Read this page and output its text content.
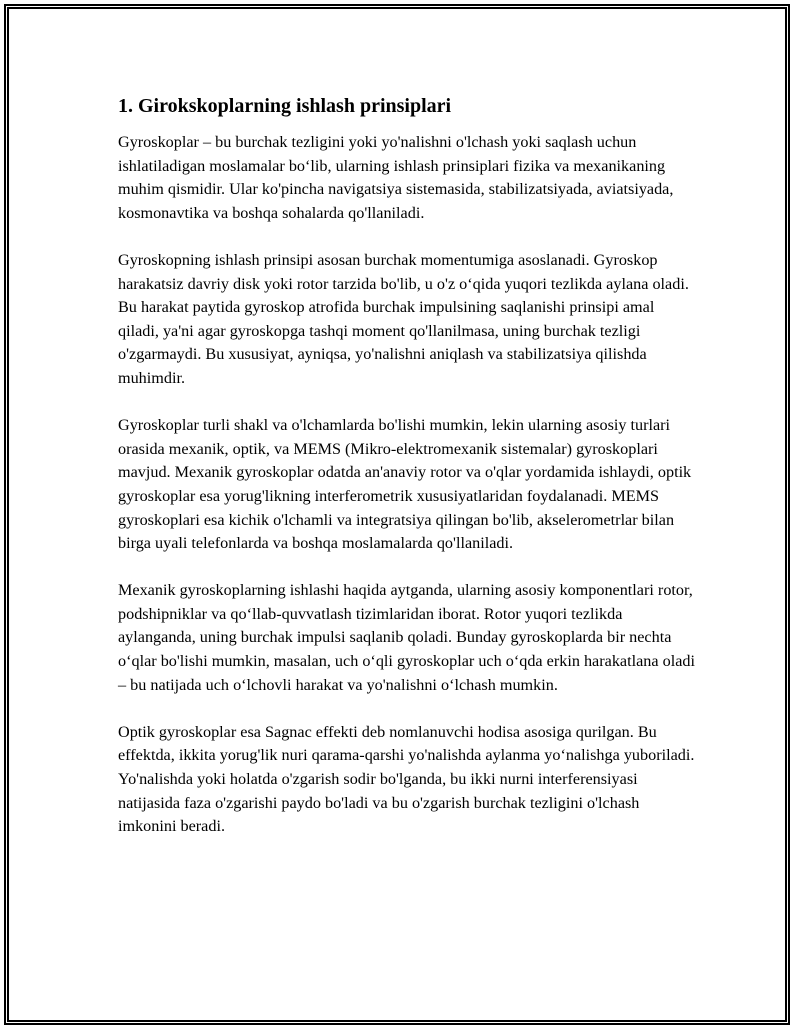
1. Girokskoplarning ishlash prinsiplari

Gyroskoplar – bu burchak tezligini yoki yo'nalishni o'lchash yoki saqlash uchun ishlatiladigan moslamalar bo‘lib, ularning ishlash prinsiplari fizika va mexanikaning muhim qismidir. Ular ko'pincha navigatsiya sistemasida, stabilizatsiyada, aviatsiyada, kosmonavtika va boshqa sohalarda qo'llaniladi.

Gyroskopning ishlash prinsipi asosan burchak momentumiga asoslanadi. Gyroskop harakatsiz davriy disk yoki rotor tarzida bo'lib, u o'z o‘qida yuqori tezlikda aylana oladi. Bu harakat paytida gyroskop atrofida burchak impulsining saqlanishi prinsipi amal qiladi, ya'ni agar gyroskopga tashqi moment qo'llanilmasa, uning burchak tezligi o'zgarmaydi. Bu xususiyat, ayniqsa, yo'nalishni aniqlash va stabilizatsiya qilishda muhimdir.

Gyroskoplar turli shakl va o'lchamlarda bo'lishi mumkin, lekin ularning asosiy turlari orasida mexanik, optik, va MEMS (Mikro-elektromexanik sistemalar) gyroskoplari mavjud. Mexanik gyroskoplar odatda an'anaviy rotor va o'qlar yordamida ishlaydi, optik gyroskoplar esa yorug'likning interferometrik xususiyatlaridan foydalanadi. MEMS gyroskoplari esa kichik o'lchamli va integratsiya qilingan bo'lib, akselerometrlar bilan birga uyali telefonlarda va boshqa moslamalarda qo'llaniladi.

Mexanik gyroskoplarning ishlashi haqida aytganda, ularning asosiy komponentlari rotor, podshipniklar va qo‘llab-quvvatlash tizimlaridan iborat. Rotor yuqori tezlikda aylanganda, uning burchak impulsi saqlanib qoladi. Bunday gyroskoplarda bir nechta o‘qlar bo'lishi mumkin, masalan, uch o‘qli gyroskoplar uch o‘qda erkin harakatlana oladi – bu natijada uch o‘lchovli harakat va yo'nalishni o‘lchash mumkin.

Optik gyroskoplar esa Sagnac effekti deb nomlanuvchi hodisa asosiga qurilgan. Bu effektda, ikkita yorug'lik nuri qarama-qarshi yo'nalishda aylanma yo‘nalishga yuboriladi. Yo'nalishda yoki holatda o'zgarish sodir bo'lganda, bu ikki nurni interferensiyasi natijasida faza o'zgarishi paydo bo'ladi va bu o'zgarish burchak tezligini o'lchash imkonini beradi.
